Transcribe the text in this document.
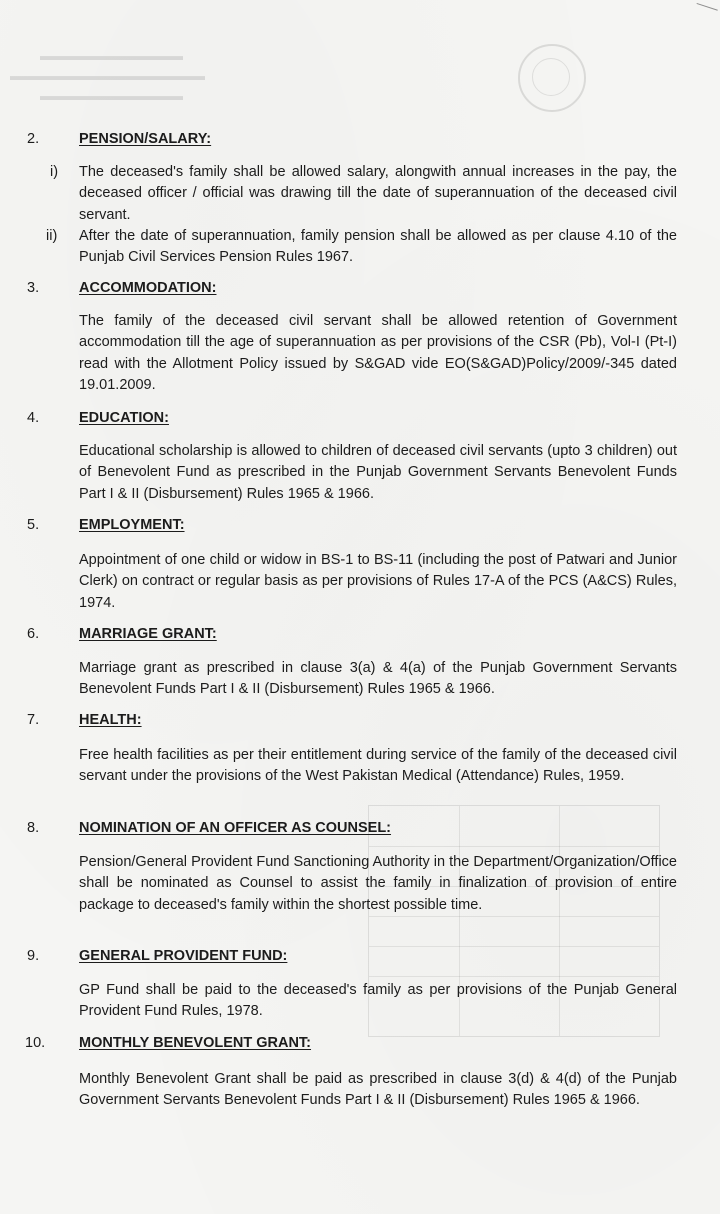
▬▬▬▬▬▬▬▬▬▬▬
▬▬▬▬▬▬▬▬▬▬▬▬▬▬▬
▬▬▬▬▬▬▬▬▬▬▬
2.	PENSION/SALARY:
i) The deceased's family shall be allowed salary, alongwith annual increases in the pay, the deceased officer / official was drawing till the date of superannuation of the deceased civil servant.
ii) After the date of superannuation, family pension shall be allowed as per clause 4.10 of the Punjab Civil Services Pension Rules 1967.
3.	ACCOMMODATION:
The family of the deceased civil servant shall be allowed retention of Government accommodation till the age of superannuation as per provisions of the CSR (Pb), Vol-I (Pt-I) read with the Allotment Policy issued by S&GAD vide EO(S&GAD)Policy/2009/-345 dated 19.01.2009.
4.	EDUCATION:
Educational scholarship is allowed to children of deceased civil servants (upto 3 children) out of Benevolent Fund as prescribed in the Punjab Government Servants Benevolent Funds Part I & II (Disbursement) Rules 1965 & 1966.
5.	EMPLOYMENT:
Appointment of one child or widow in BS-1 to BS-11 (including the post of Patwari and Junior Clerk) on contract or regular basis as per provisions of Rules 17-A of the PCS (A&CS) Rules, 1974.
6.	MARRIAGE GRANT:
Marriage grant as prescribed in clause 3(a) & 4(a) of the Punjab Government Servants Benevolent Funds Part I & II (Disbursement) Rules 1965 & 1966.
7.	HEALTH:
Free health facilities as per their entitlement during service of the family of the deceased civil servant under the provisions of the West Pakistan Medical (Attendance) Rules, 1959.
8.	NOMINATION OF AN OFFICER AS COUNSEL:
Pension/General Provident Fund Sanctioning Authority in the Department/Organization/Office shall be nominated as Counsel to assist the family in finalization of provision of entire package to deceased's family within the shortest possible time.
9.	GENERAL PROVIDENT FUND:
GP Fund shall be paid to the deceased's family as per provisions of the Punjab General Provident Fund Rules, 1978.
10. MONTHLY BENEVOLENT GRANT:
Monthly Benevolent Grant shall be paid as prescribed in clause 3(d) & 4(d) of the Punjab Government Servants Benevolent Funds Part I & II (Disbursement) Rules 1965 & 1966.
